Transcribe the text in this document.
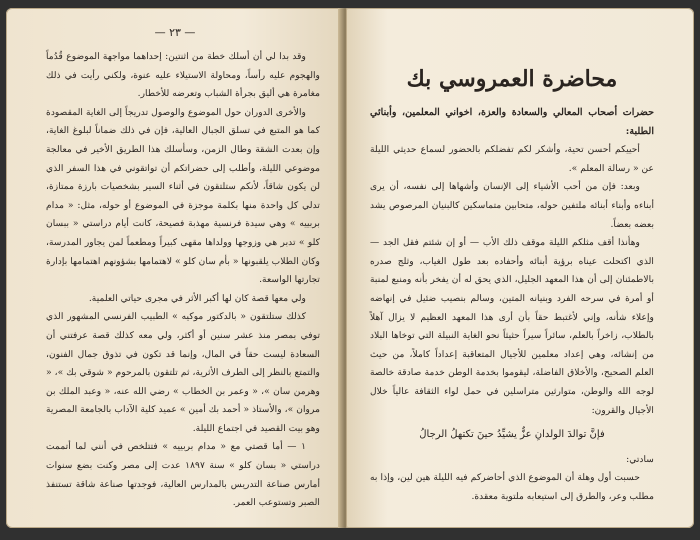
— ٢٣ —

وقد بدا لي أن أسلك خطة من اثنتين: إحداهما مواجهة الموضوع قُدُماً والهجوم عليه رأساً، ومحاولة الاستيلاء عليه عنوة، ولكني رأيت في ذلك مغامرة هي أليق بجرأة الشباب وتعرضه للأخطار.

والأخرى الدوران حول الموضوع والوصول تدريجاً إلى الغاية المقصودة كما هو المتبع في تسلق الجبال العالية، فإن في ذلك ضماناً لبلوغ الغاية، وإن بعدت الشقة وطال الزمن، وسأسلك هذا الطريق الأخير في معالجة موضوعي الليلة، وأطلب إلى حضراتكم أن تواتقوني في هذا السفر الذي لن يكون شاقاً، لأنكم ستلتقون في أثناء السير بشخصيات بارزة ممتازة، تدلي كل واحدة منها بكلمة موجزة في الموضوع أو حوله، مثل: « مدام بربييه » وهي سيدة فرنسية مهذبة فصيحة، كانت أيام دراستي « ببسان كلو » تدبر هي وزوجها وولداها مقهى كبيراً ومطعماً لمن يجاور المدرسة، وكان الطلاب يلقبونها « بأم سان كلو » لاهتمامها بشؤونهم اهتمامها بإدارة تجارتها الواسعة.

ولي معها قصة كان لها أكبر الأثر في مجرى حياتي العلمية.

كذلك ستلتقون « بالدكتور موكيه » الطبيب الفرنسي المشهور الذي توفي بمصر منذ عشر سنين أو أكثر، ولي معه كذلك قصة عرفتني أن السعادة ليست حقاً في المال، وإنما قد تكون في تذوق جمال الفنون، والتمتع بالنظر إلى الطرف الأثرية، ثم تلتقون بالمرحوم « شوقي بك »، « وهرمن سان »، « وعمر بن الخطاب » رضي الله عنه، « وعبد الملك بن مروان »، والأستاذ « أحمد بك أمين » عميد كلية الآداب بالجامعة المصرية وهو بيت القصيد في اجتماع الليلة.

١ — أما قصتي مع « مدام بربييه » فتتلخص في أنني لما أتممت دراستي « بسان كلو » سنة ١٨٩٧ عدت إلى مصر وكنت بضع سنوات أمارس صناعة التدريس بالمدارس العالية، فوجدتها صناعة شاقة تستنفذ الصبر وتستوعب العمر.

محاضرة العمروسي بك

حضرات أصحاب المعالي والسعادة والعزة، اخواني المعلمين، وأبنائي الطلبة:

أحييكم أحسن تحية، وأشكر لكم تفضلكم بالحضور لسماع حديثي الليلة عن « رسالة المعلم ».

وبعد: فإن من أحب الأشياء إلى الإنسان وأشهاها إلى نفسه، أن يرى أبناءه وأبناء أبنائه ملتفين حوله، متحابين متماسكين كالبنيان المرصوص يشد بعضه بعضاً.

وهأنذا أقف مثلكم الليلة موقف ذلك الأب — أو إن شئتم فقل الجد — الذي اكتحلت عيناه برؤية أبنائه وأحفاده بعد طول الغياب، وثلج صدره بالاطمئنان إلى أن هذا المعهد الجليل، الذي يحق له أن يفخر بأنه ومنبع لمنبة أو أمرة في سرحه الفرد وبنيانه المتين، وسالم بنصيب ضئيل في إنهاضه وإعلاء شأنه، وإني لأغتبط حقاً بأن أرى هذا المعهد العظيم لا يزال آهلاً بالطلاب، زاخراً بالعلم، سائراً سيراً حثيثاً نحو الغاية النبيلة التي توخاها البلاد من إنشائه، وهي إعداد معلمين للأجيال المتعاقبة إعداداً كاملاً، من حيث العلم الصحيح، والأخلاق الفاضلة، ليقوموا بخدمة الوطن خدمة صادقة خالصة لوجه الله والوطن، متوارثين متراسلين في حمل لواء الثقافة عالياً خلال الأجيال والقرون:

فإنَّ توالدَ الولدانِ عزٌّ يشيِّدُ حينَ تكتهلُ الرجالُ

سادتي:

حسبت أول وهلة أن الموضوع الذي أحاضركم فيه الليلة هين لين، وإذا به مطلب وعر، والطرق إلى استيعابه ملتوية معقدة.
